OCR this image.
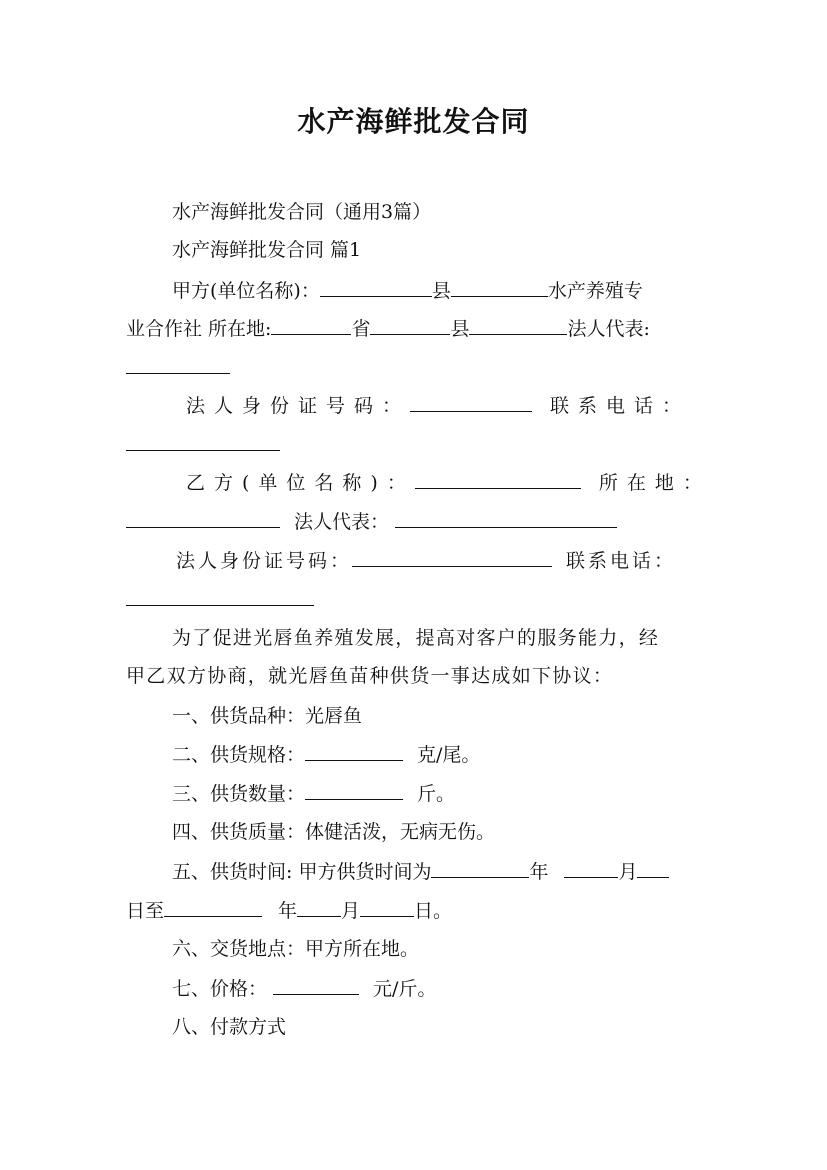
水产海鲜批发合同
水产海鲜批发合同（通用3篇）
水产海鲜批发合同 篇1
甲方(单位名称)：	县	水产养殖专
业合作社 所在地:	省	县	法人代表:
法人身份证号码：	联系电话：
乙方(单位名称)：	所在地：
法人代表：
法人身份证号码：	联系电话：
为了促进光唇鱼养殖发展，提高对客户的服务能力，经
甲乙双方协商，就光唇鱼苗种供货一事达成如下协议：
一、供货品种：光唇鱼
二、供货规格：	克/尾。
三、供货数量：	斤。
四、供货质量：体健活泼，无病无伤。
五、供货时间: 甲方供货时间为	年	月
日至	年 月	日。
六、交货地点：甲方所在地。
七、价格：	元/斤。
八、付款方式
